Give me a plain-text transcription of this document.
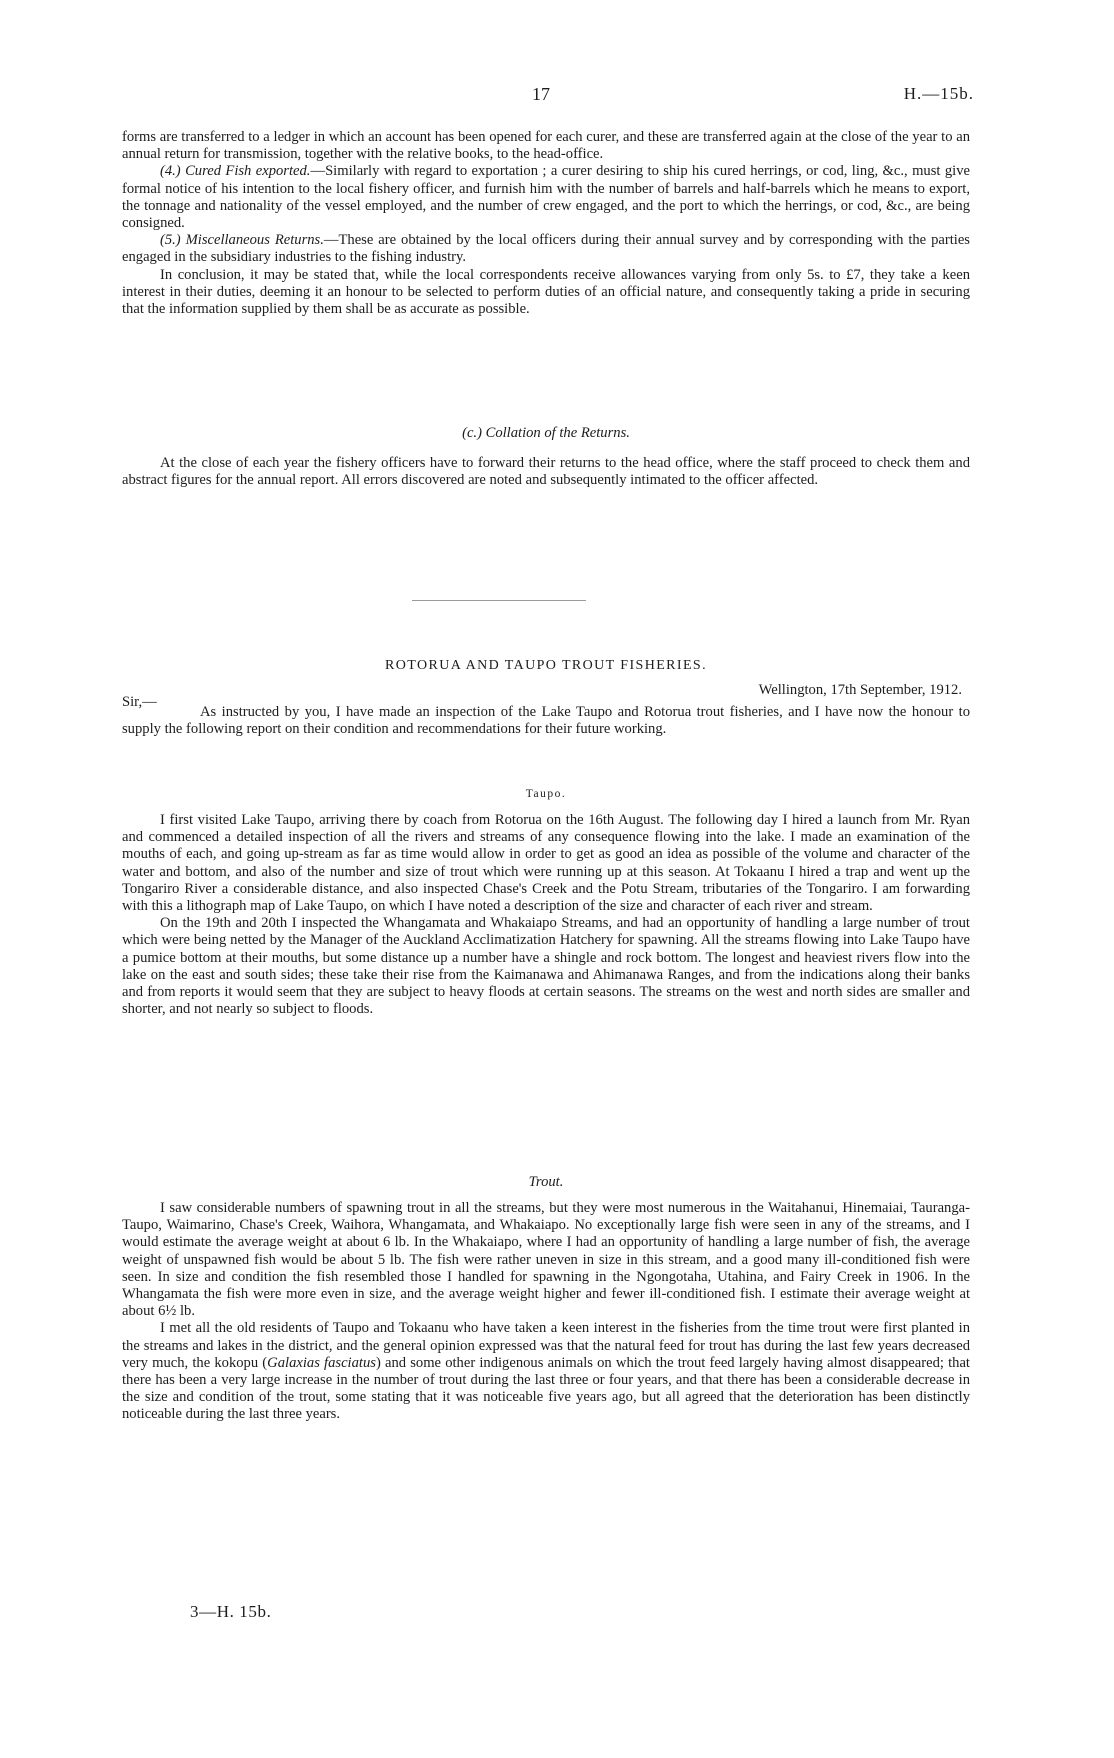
17	H.—15b.

forms are transferred to a ledger in which an account has been opened for each curer, and these are transferred again at the close of the year to an annual return for transmission, together with the relative books, to the head-office.

(4.) Cured Fish exported.—Similarly with regard to exportation ; a curer desiring to ship his cured herrings, or cod, ling, &c., must give formal notice of his intention to the local fishery officer, and furnish him with the number of barrels and half-barrels which he means to export, the tonnage and nationality of the vessel employed, and the number of crew engaged, and the port to which the herrings, or cod, &c., are being consigned.

(5.) Miscellaneous Returns.—These are obtained by the local officers during their annual survey and by corresponding with the parties engaged in the subsidiary industries to the fishing industry.

In conclusion, it may be stated that, while the local correspondents receive allowances varying from only 5s. to £7, they take a keen interest in their duties, deeming it an honour to be selected to perform duties of an official nature, and consequently taking a pride in securing that the information supplied by them shall be as accurate as possible.

(c.) Collation of the Returns.

At the close of each year the fishery officers have to forward their returns to the head office, where the staff proceed to check them and abstract figures for the annual report. All errors discovered are noted and subsequently intimated to the officer affected.

ROTORUA AND TAUPO TROUT FISHERIES.
Wellington, 17th September, 1912.
Sir,—

As instructed by you, I have made an inspection of the Lake Taupo and Rotorua trout fisheries, and I have now the honour to supply the following report on their condition and recommendations for their future working.

Taupo.

I first visited Lake Taupo, arriving there by coach from Rotorua on the 16th August. The following day I hired a launch from Mr. Ryan and commenced a detailed inspection of all the rivers and streams of any consequence flowing into the lake. I made an examination of the mouths of each, and going up-stream as far as time would allow in order to get as good an idea as possible of the volume and character of the water and bottom, and also of the number and size of trout which were running up at this season. At Tokaanu I hired a trap and went up the Tongariro River a considerable distance, and also inspected Chase's Creek and the Potu Stream, tributaries of the Tongariro. I am forwarding with this a lithograph map of Lake Taupo, on which I have noted a description of the size and character of each river and stream.

On the 19th and 20th I inspected the Whangamata and Whakaiapo Streams, and had an opportunity of handling a large number of trout which were being netted by the Manager of the Auckland Acclimatization Hatchery for spawning. All the streams flowing into Lake Taupo have a pumice bottom at their mouths, but some distance up a number have a shingle and rock bottom. The longest and heaviest rivers flow into the lake on the east and south sides; these take their rise from the Kaimanawa and Ahimanawa Ranges, and from the indications along their banks and from reports it would seem that they are subject to heavy floods at certain seasons. The streams on the west and north sides are smaller and shorter, and not nearly so subject to floods.

Trout.

I saw considerable numbers of spawning trout in all the streams, but they were most numerous in the Waitahanui, Hinemaiai, Tauranga-Taupo, Waimarino, Chase's Creek, Waihora, Whangamata, and Whakaiapo. No exceptionally large fish were seen in any of the streams, and I would estimate the average weight at about 6 lb. In the Whakaiapo, where I had an opportunity of handling a large number of fish, the average weight of unspawned fish would be about 5 lb. The fish were rather uneven in size in this stream, and a good many ill-conditioned fish were seen. In size and condition the fish resembled those I handled for spawning in the Ngongotaha, Utahina, and Fairy Creek in 1906. In the Whangamata the fish were more even in size, and the average weight higher and fewer ill-conditioned fish. I estimate their average weight at about 6½ lb.

I met all the old residents of Taupo and Tokaanu who have taken a keen interest in the fisheries from the time trout were first planted in the streams and lakes in the district, and the general opinion expressed was that the natural feed for trout has during the last few years decreased very much, the kokopu (Galaxias fasciatus) and some other indigenous animals on which the trout feed largely having almost disappeared; that there has been a very large increase in the number of trout during the last three or four years, and that there has been a considerable decrease in the size and condition of the trout, some stating that it was noticeable five years ago, but all agreed that the deterioration has been distinctly noticeable during the last three years.

3—H. 15b.
